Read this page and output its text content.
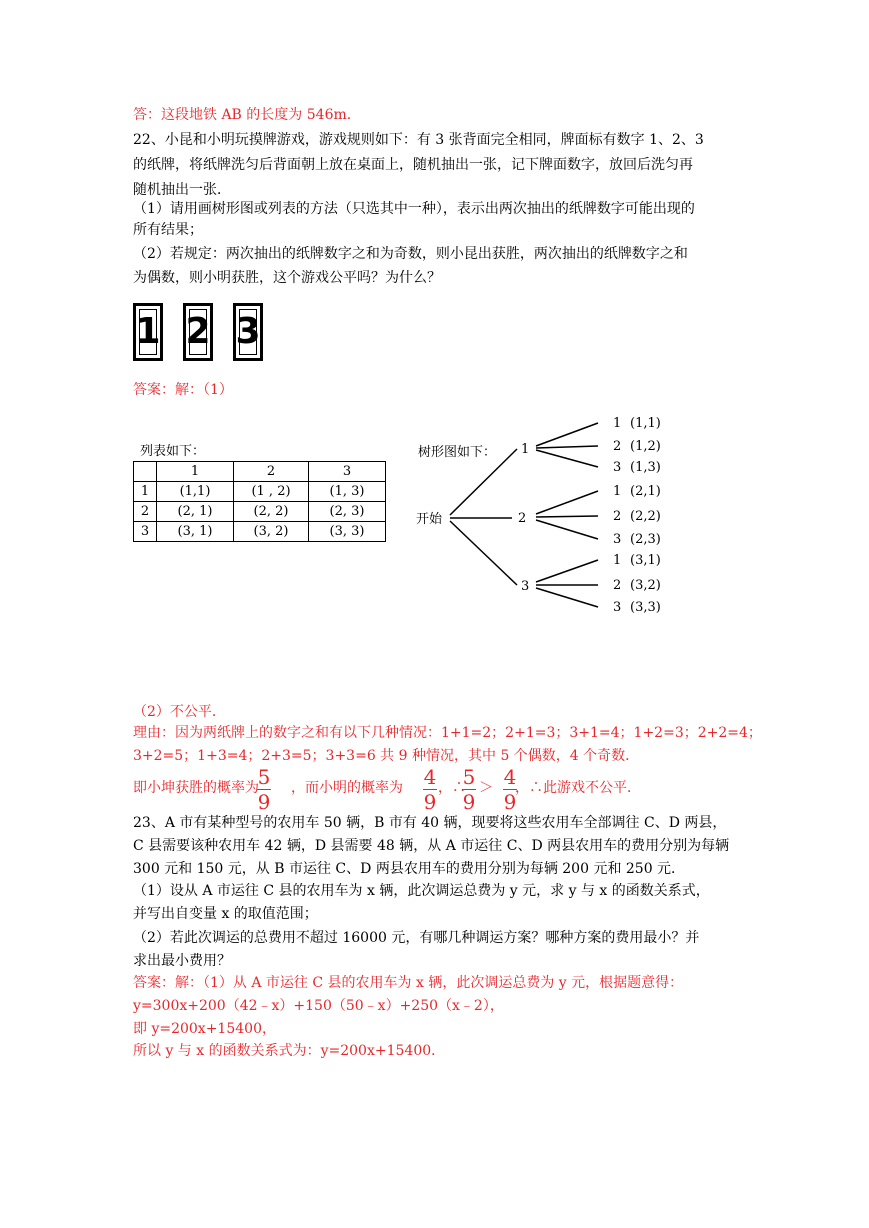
答：这段地铁 AB 的长度为 546m.
22、小昆和小明玩摸牌游戏，游戏规则如下：有 3 张背面完全相同，牌面标有数字 1、2、3
的纸牌，将纸牌洗匀后背面朝上放在桌面上，随机抽出一张，记下牌面数字，放回后洗匀再
随机抽出一张．
（1）请用画树形图或列表的方法（只选其中一种），表示出两次抽出的纸牌数字可能出现的
所有结果；
（2）若规定：两次抽出的纸牌数字之和为奇数，则小昆出获胜，两次抽出的纸牌数字之和
为偶数，则小明获胜，这个游戏公平吗？为什么？
1 2 3
答案：解：（1）
列表如下：
	1	2	3
1	(1,1)	(1 , 2)	(1, 3)
2	(2, 1)	(2, 2)	(2, 3)
3	(3, 1)	(3, 2)	(3, 3)
树形图如下：
开始
1
2
3
1
2
3
1
2
3
1
2
3
(1,1)
(1,2)
(1,3)
(2,1)
(2,2)
(2,3)
(3,1)
(3,2)
(3,3)
（2）不公平．
理由：因为两纸牌上的数字之和有以下几种情况：1+1=2；2+1=3；3+1=4；1+2=3；2+2=4；
3+2=5；1+3=4；2+3=5；3+3=6 共 9 种情况，其中 5 个偶数，4 个奇数．
即小坤获胜的概率为 ，而小明的概率为	，∴ ＞ ，∴此游戏不公平．
5
9
4
9
5
9
4
9
23、A 市有某种型号的农用车 50 辆，B 市有 40 辆，现要将这些农用车全部调往 C、D 两县，
C 县需要该种农用车 42 辆，D 县需要 48 辆，从 A 市运往 C、D 两县农用车的费用分别为每辆
300 元和 150 元，从 B 市运往 C、D 两县农用车的费用分别为每辆 200 元和 250 元．
（1）设从 A 市运往 C 县的农用车为 x 辆，此次调运总费为 y 元，求 y 与 x 的函数关系式，
并写出自变量 x 的取值范围；
（2）若此次调运的总费用不超过 16000 元，有哪几种调运方案？哪种方案的费用最小？并
求出最小费用？
答案：解：（1）从 A 市运往 C 县的农用车为 x 辆，此次调运总费为 y 元，根据题意得：
y=300x+200（42﹣x）+150（50﹣x）+250（x﹣2），
即 y=200x+15400，
所以 y 与 x 的函数关系式为：y=200x+15400．
